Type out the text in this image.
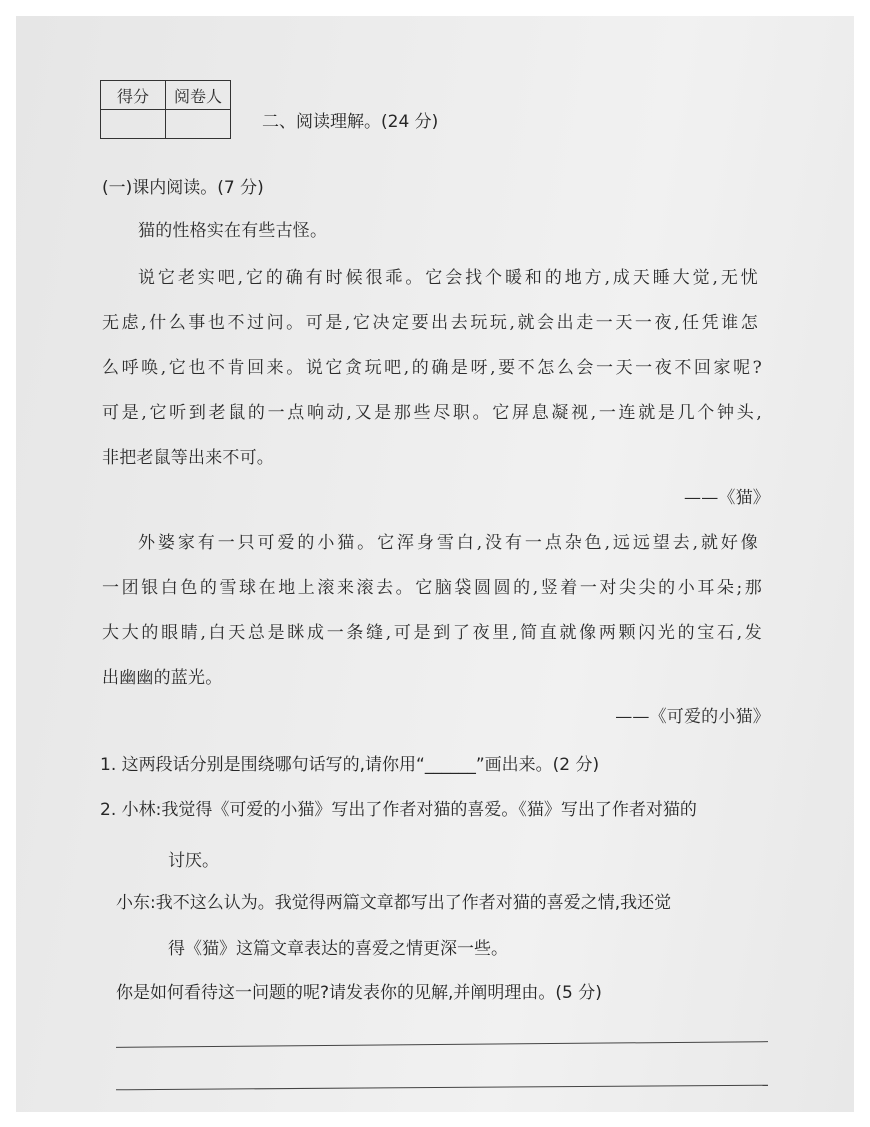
得分	阅卷人

二、阅读理解。(24 分)
(一)课内阅读。(7 分)
猫的性格实在有些古怪。
说它老实吧,它的确有时候很乖。它会找个暖和的地方,成天睡大觉,无忧
无虑,什么事也不过问。可是,它决定要出去玩玩,就会出走一天一夜,任凭谁怎
么呼唤,它也不肯回来。说它贪玩吧,的确是呀,要不怎么会一天一夜不回家呢?
可是,它听到老鼠的一点响动,又是那些尽职。它屏息凝视,一连就是几个钟头,
非把老鼠等出来不可。
——《猫》
外婆家有一只可爱的小猫。它浑身雪白,没有一点杂色,远远望去,就好像
一团银白色的雪球在地上滚来滚去。它脑袋圆圆的,竖着一对尖尖的小耳朵;那
大大的眼睛,白天总是眯成一条缝,可是到了夜里,简直就像两颗闪光的宝石,发
出幽幽的蓝光。
——《可爱的小猫》
1. 这两段话分别是围绕哪句话写的,请你用“______”画出来。(2 分)
2. 小林:我觉得《可爱的小猫》写出了作者对猫的喜爱。《猫》写出了作者对猫的
讨厌。
小东:我不这么认为。我觉得两篇文章都写出了作者对猫的喜爱之情,我还觉
得《猫》这篇文章表达的喜爱之情更深一些。
你是如何看待这一问题的呢?请发表你的见解,并阐明理由。(5 分)
